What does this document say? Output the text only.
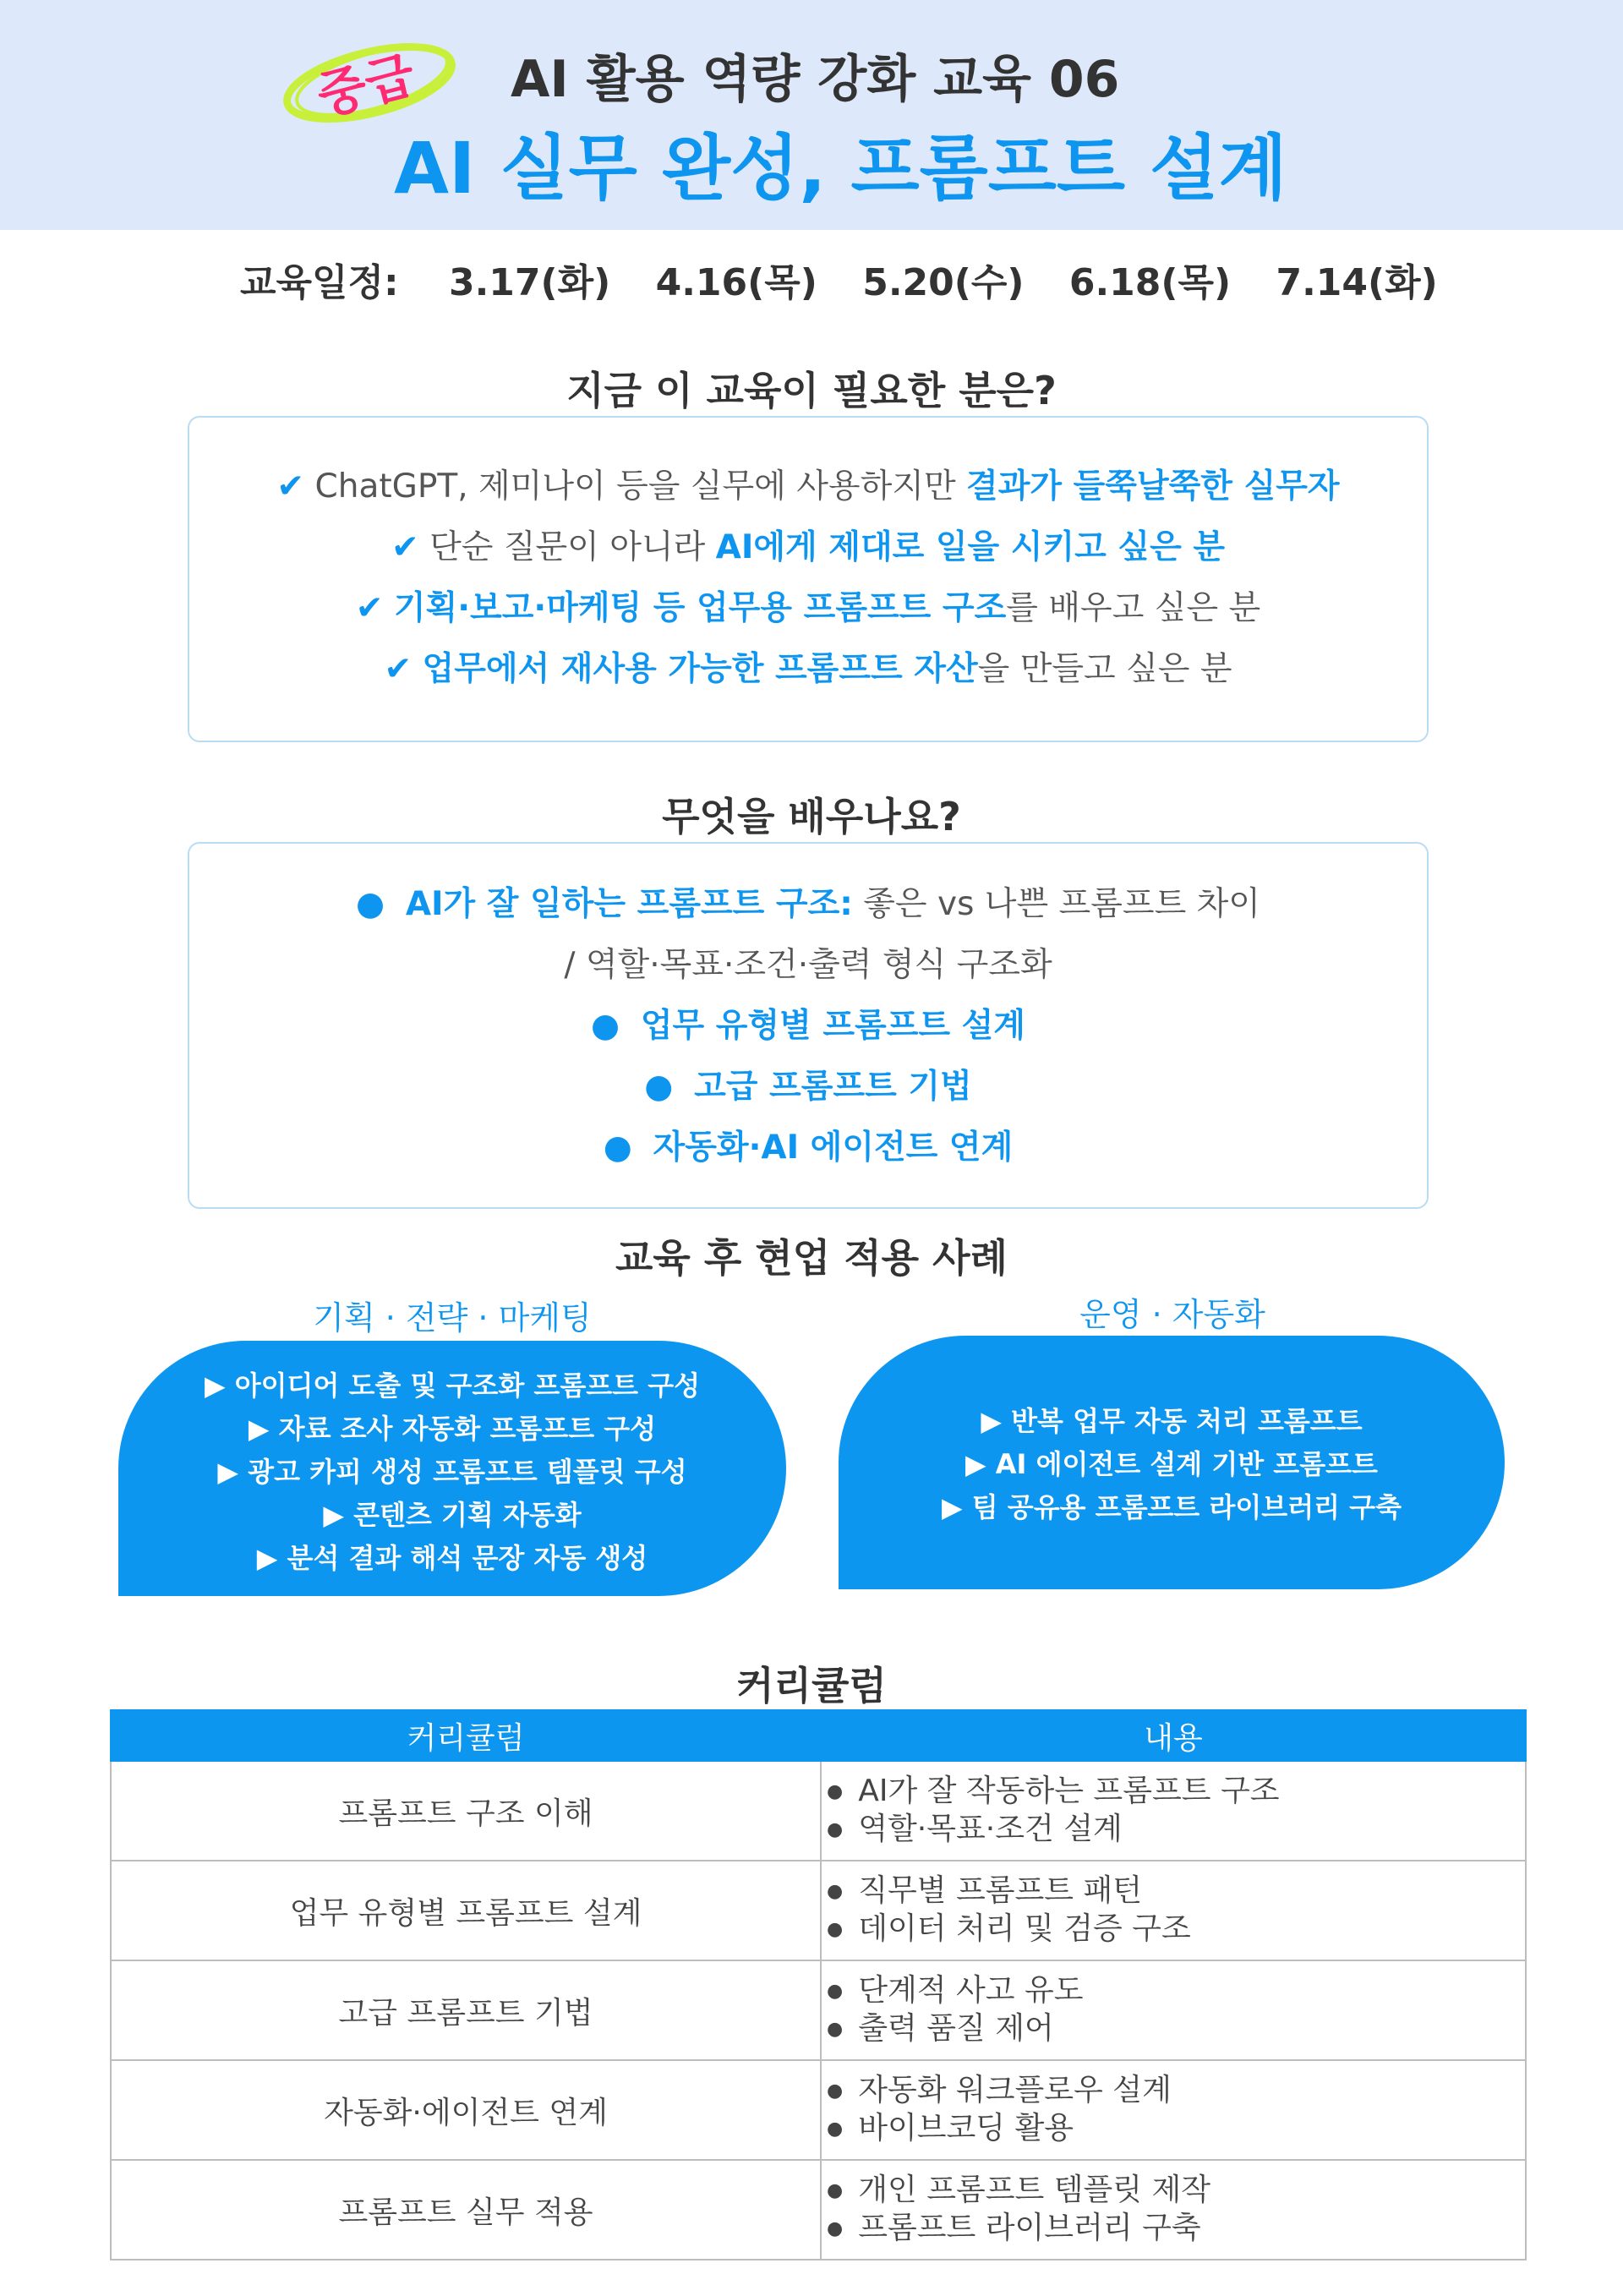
중급	AI 활용 역량 강화 교육 06
AI 실무 완성, 프롬프트 설계
교육일정: 3.17(화) 4.16(목) 5.20(수) 6.18(목) 7.14(화)
지금 이 교육이 필요한 분은?
✔ ChatGPT, 제미나이 등을 실무에 사용하지만 결과가 들쭉날쭉한 실무자
✔ 단순 질문이 아니라 AI에게 제대로 일을 시키고 싶은 분
✔ 기획·보고·마케팅 등 업무용 프롬프트 구조를 배우고 싶은 분
✔ 업무에서 재사용 가능한 프롬프트 자산을 만들고 싶은 분
무엇을 배우나요?
● AI가 잘 일하는 프롬프트 구조: 좋은 vs 나쁜 프롬프트 차이
/ 역할·목표·조건·출력 형식 구조화
● 업무 유형별 프롬프트 설계
● 고급 프롬프트 기법
● 자동화·AI 에이전트 연계
교육 후 현업 적용 사례
기획 · 전략 · 마케팅	운영 · 자동화
▶ 아이디어 도출 및 구조화 프롬프트 구성
▶ 자료 조사 자동화 프롬프트 구성
▶ 광고 카피 생성 프롬프트 템플릿 구성
▶ 콘텐츠 기획 자동화
▶ 분석 결과 해석 문장 자동 생성
▶ 반복 업무 자동 처리 프롬프트
▶ AI 에이전트 설계 기반 프롬프트
▶ 팀 공유용 프롬프트 라이브러리 구축
커리큘럼
커리큘럼	내용
프롬프트 구조 이해	● AI가 잘 작동하는 프롬프트 구조
● 역할·목표·조건 설계

업무 유형별 프롬프트 설계	● 직무별 프롬프트 패턴
● 데이터 처리 및 검증 구조

고급 프롬프트 기법	● 단계적 사고 유도
● 출력 품질 제어

자동화·에이전트 연계	● 자동화 워크플로우 설계
● 바이브코딩 활용

프롬프트 실무 적용	● 개인 프롬프트 템플릿 제작
● 프롬프트 라이브러리 구축
